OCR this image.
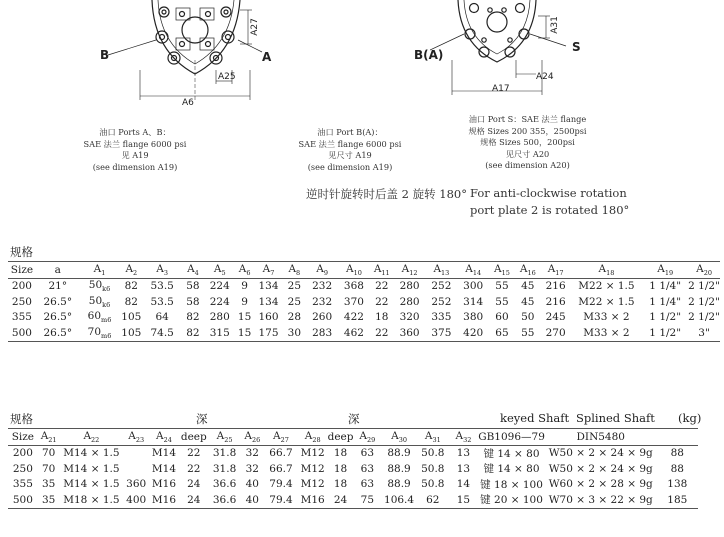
B	A
A27
A25
A6
B(A)
S
A31
A24
A17
油口 Ports A、B：
SAE 法兰 flange 6000 psi
见 A19
(see dimension A19)
油口 Port B(A)：
SAE 法兰 flange 6000 psi
见尺寸 A19
(see dimension A19)
油口 Port S：SAE 法兰 flange
规格 Sizes 200 355，2500psi
规格 Sizes 500，200psi
见尺寸 A20
(see dimension A20)
逆时针旋转时后盖 2 旋转 180° For anti-clockwise rotation
port plate 2 is rotated 180°
规格
Size	a	$A_1$	$A_2$	$A_3$	$A_4$	$A_5$	$A_6$	$A_7$	$A_8$	$A_9$	$A_{10}$	$A_{11}$	$A_{12}$	$A_{13}$	$A_{14}$	$A_{15}$	$A_{16}$	$A_{17}$	$A_{18}$	$A_{19}$	$A_{20}$
200	21°	$50_{k6}$	82	53.5	58	224	9	134	25	232	368	22	280	252	300	55	45	216	M22 × 1.5	1 1/4"	2 1/2"
250	26.5°	$50_{k6}$	82	53.5	58	224	9	134	25	232	370	22	280	252	314	55	45	216	M22 × 1.5	1 1/4"	2 1/2"
355	26.5°	$60_{m6}$	105	64	82	280	15	160	28	260	422	18	320	335	380	60	50	245	M33 × 2	1 1/2"	2 1/2"
500	26.5°	$70_{m6}$	105	74.5	82	315	15	175	30	283	462	22	360	375	420	65	55	270	M33 × 2	1 1/2"	3"
规格	深	深	keyed Shaft Splined Shaft (kg)
Size	$A_{21}$	$A_{22}$	$A_{23}$	$A_{24}$	deep	$A_{25}$	$A_{26}$	$A_{27}$	$A_{28}$	deep	$A_{29}$	$A_{30}$	$A_{31}$	$A_{32}$	GB1096—79	DIN5480	
200	70	M14 × 1.5		M14	22	31.8	32	66.7	M12	18	63	88.9	50.8	13	键 14 × 80	W50 × 2 × 24 × 9g	88
250	70	M14 × 1.5		M14	22	31.8	32	66.7	M12	18	63	88.9	50.8	13	键 14 × 80	W50 × 2 × 24 × 9g	88
355	35	M14 × 1.5	360	M16	24	36.6	40	79.4	M12	18	63	88.9	50.8	14	键 18 × 100	W60 × 2 × 28 × 9g	138
500	35	M18 × 1.5	400	M16	24	36.6	40	79.4	M16	24	75	106.4	62	15	键 20 × 100	W70 × 3 × 22 × 9g	185
